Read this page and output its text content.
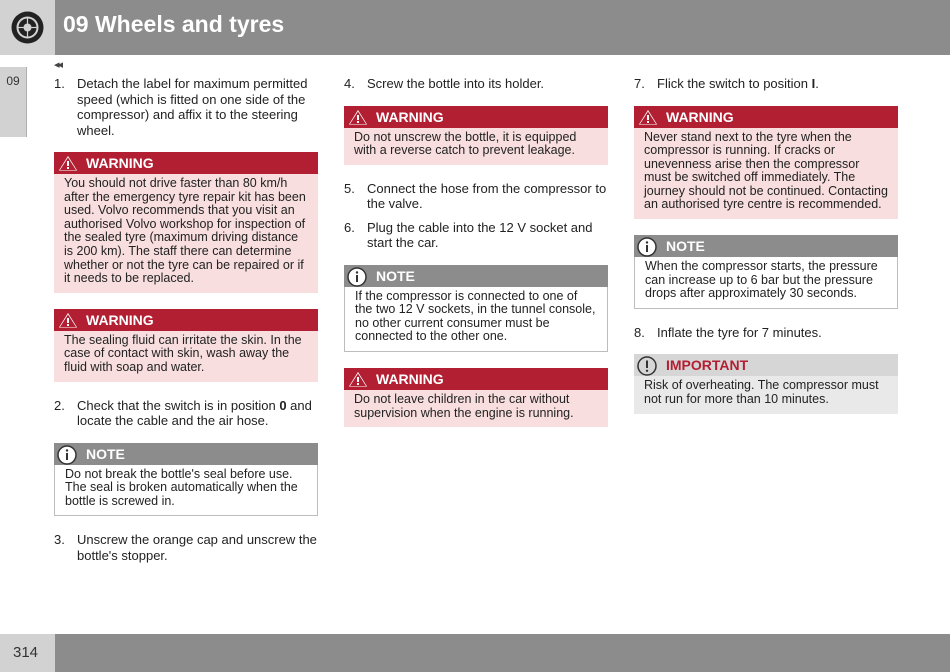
09 Wheels and tyres
◂◂
09	1. Detach the label for maximum permitted speed (which is fitted on one side of the compressor) and affix it to the steering wheel.
WARNING
You should not drive faster than 80 km/h after the emergency tyre repair kit has been used. Volvo recommends that you visit an authorised Volvo workshop for inspection of the sealed tyre (maximum driving distance is 200 km). The staff there can determine whether or not the tyre can be repaired or if it needs to be replaced.
WARNING
The sealing fluid can irritate the skin. In the case of contact with skin, wash away the fluid with soap and water.
2. Check that the switch is in position 0 and locate the cable and the air hose.
NOTE
Do not break the bottle's seal before use. The seal is broken automatically when the bottle is screwed in.
3. Unscrew the orange cap and unscrew the bottle's stopper.
4. Screw the bottle into its holder.
WARNING
Do not unscrew the bottle, it is equipped with a reverse catch to prevent leakage.
5. Connect the hose from the compressor to the valve.
6. Plug the cable into the 12 V socket and start the car.
NOTE
If the compressor is connected to one of the two 12 V sockets, in the tunnel console, no other current consumer must be connected to the other one.
WARNING
Do not leave children in the car without supervision when the engine is running.
7. Flick the switch to position I.
WARNING
Never stand next to the tyre when the compressor is running. If cracks or unevenness arise then the compressor must be switched off immediately. The journey should not be continued. Contacting an authorised tyre centre is recommended.
NOTE
When the compressor starts, the pressure can increase up to 6 bar but the pressure drops after approximately 30 seconds.
8. Inflate the tyre for 7 minutes.
IMPORTANT
Risk of overheating. The compressor must not run for more than 10 minutes.
314
